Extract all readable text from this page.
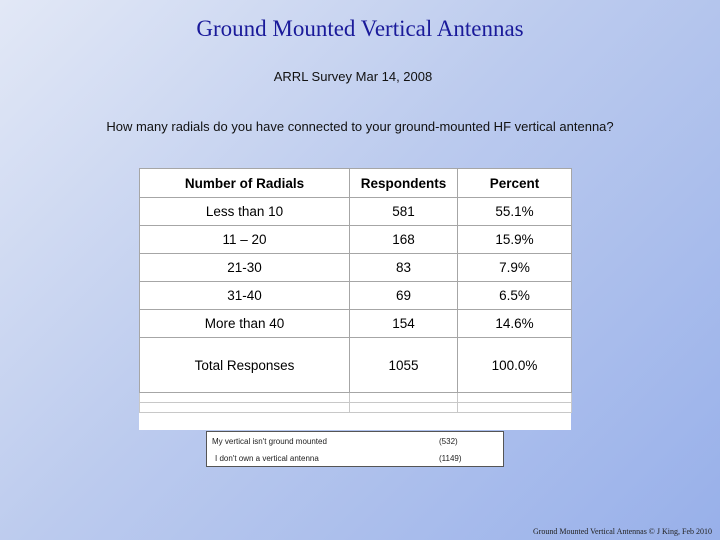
Ground Mounted Vertical Antennas
ARRL Survey Mar 14, 2008
How many radials do you have connected to your ground-mounted HF vertical antenna?
Number of Radials	Respondents	Percent
Less than 10	581	55.1%
11 – 20	168	15.9%
21-30	83	7.9%
31-40	69	6.5%
More than 40	154	14.6%
Total Responses	1055	100.0%

My vertical isn't ground mounted	(532)
I don't own a vertical antenna	(1149)
Ground Mounted Vertical Antennas © J King, Feb 2010
